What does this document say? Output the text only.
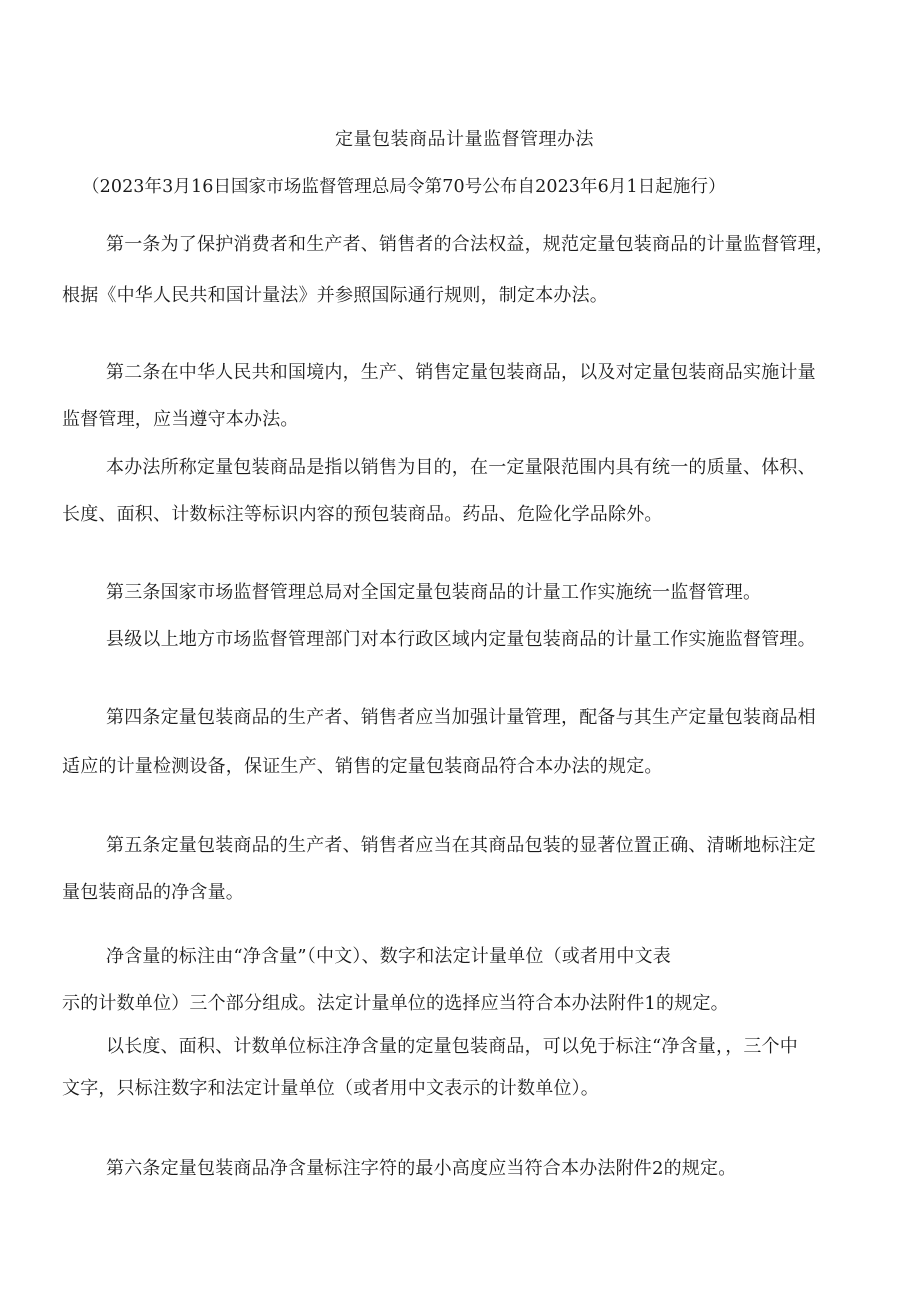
定量包装商品计量监督管理办法
（2023年3月16日国家市场监督管理总局令第70号公布自2023年6月1日起施行）
第一条为了保护消费者和生产者、销售者的合法权益，规范定量包装商品的计量监督管理，
根据《中华人民共和国计量法》并参照国际通行规则，制定本办法。
第二条在中华人民共和国境内，生产、销售定量包装商品，以及对定量包装商品实施计量
监督管理，应当遵守本办法。
本办法所称定量包装商品是指以销售为目的，在一定量限范围内具有统一的质量、体积、
长度、面积、计数标注等标识内容的预包装商品。药品、危险化学品除外。
第三条国家市场监督管理总局对全国定量包装商品的计量工作实施统一监督管理。
县级以上地方市场监督管理部门对本行政区域内定量包装商品的计量工作实施监督管理。
第四条定量包装商品的生产者、销售者应当加强计量管理，配备与其生产定量包装商品相
适应的计量检测设备，保证生产、销售的定量包装商品符合本办法的规定。
第五条定量包装商品的生产者、销售者应当在其商品包装的显著位置正确、清晰地标注定
量包装商品的净含量。
净含量的标注由“净含量”（中文）、数字和法定计量单位（或者用中文表
示的计数单位）三个部分组成。法定计量单位的选择应当符合本办法附件1的规定。
以长度、面积、计数单位标注净含量的定量包装商品，可以免于标注“净含量，，三个中
文字，只标注数字和法定计量单位（或者用中文表示的计数单位）。
第六条定量包装商品净含量标注字符的最小高度应当符合本办法附件2的规定。
